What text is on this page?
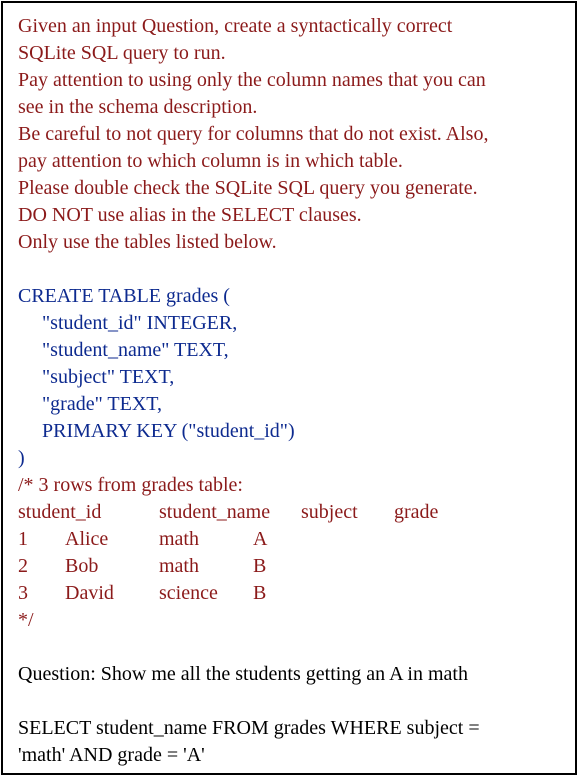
Given an input Question, create a syntactically correct
SQLite SQL query to run.
Pay attention to using only the column names that you can
see in the schema description.
Be careful to not query for columns that do not exist. Also,
pay attention to which column is in which table.
Please double check the SQLite SQL query you generate.
DO NOT use alias in the SELECT clauses.
Only use the tables listed below.
CREATE TABLE grades (
"student_id" INTEGER,
"student_name" TEXT,
"subject" TEXT,
"grade" TEXT,
PRIMARY KEY ("student_id")
)
/* 3 rows from grades table:
student_id	student_name	subject	grade
1	Alice	math	A
2	Bob	math	B
3	David	science	B
*/
Question: Show me all the students getting an A in math
SELECT student_name FROM grades WHERE subject =
'math' AND grade = 'A'
